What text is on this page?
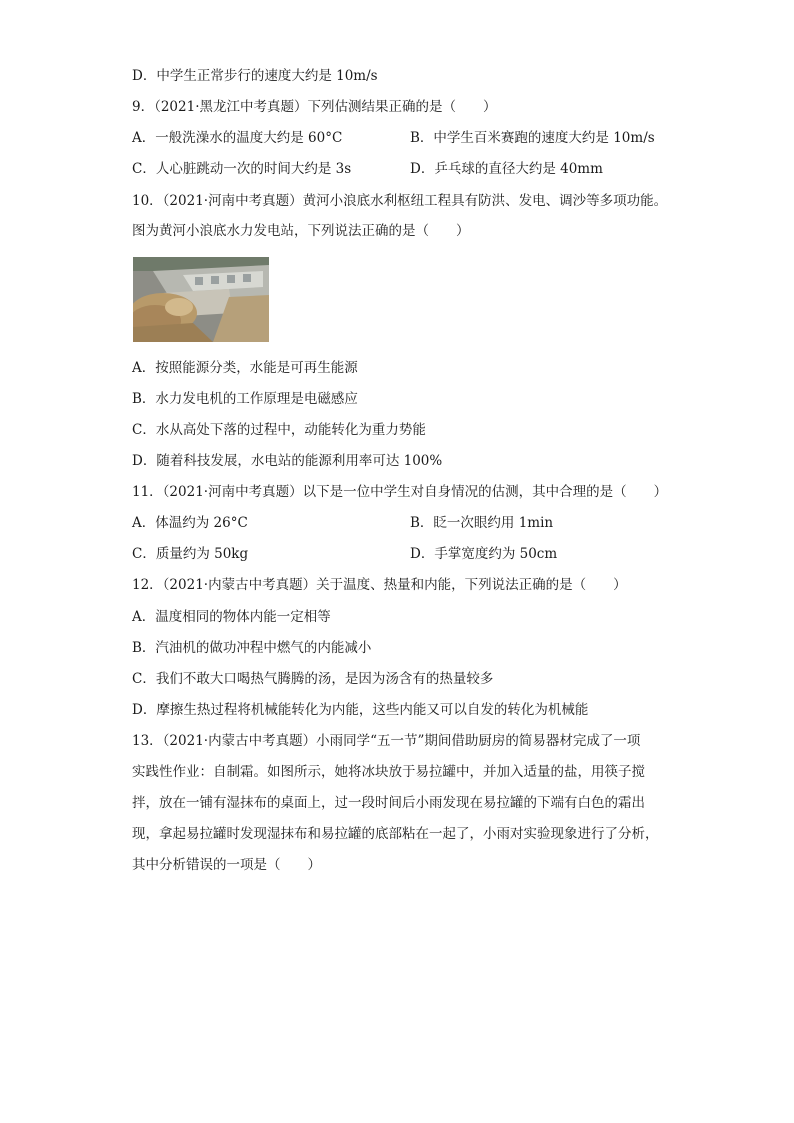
D．中学生正常步行的速度大约是 10m/s
9．（2021·黑龙江中考真题）下列估测结果正确的是（　　）
A．一般洗澡水的温度大约是 60°C	B．中学生百米赛跑的速度大约是 10m/s
C．人心脏跳动一次的时间大约是 3s	D．乒乓球的直径大约是 40mm
10．（2021·河南中考真题）黄河小浪底水利枢纽工程具有防洪、发电、调沙等多项功能。
图为黄河小浪底水力发电站，下列说法正确的是（　　）
A．按照能源分类，水能是可再生能源
B．水力发电机的工作原理是电磁感应
C．水从高处下落的过程中，动能转化为重力势能
D．随着科技发展，水电站的能源利用率可达 100%
11．（2021·河南中考真题）以下是一位中学生对自身情况的估测，其中合理的是（　　）
A．体温约为 26°C	B．眨一次眼约用 1min
C．质量约为 50kg	D．手掌宽度约为 50cm
12．（2021·内蒙古中考真题）关于温度、热量和内能，下列说法正确的是（　　）
A．温度相同的物体内能一定相等
B．汽油机的做功冲程中燃气的内能减小
C．我们不敢大口喝热气腾腾的汤，是因为汤含有的热量较多
D．摩擦生热过程将机械能转化为内能，这些内能又可以自发的转化为机械能
13．（2021·内蒙古中考真题）小雨同学“五一节”期间借助厨房的简易器材完成了一项
实践性作业：自制霜。如图所示，她将冰块放于易拉罐中，并加入适量的盐，用筷子搅
拌，放在一铺有湿抹布的桌面上，过一段时间后小雨发现在易拉罐的下端有白色的霜出
现，拿起易拉罐时发现湿抹布和易拉罐的底部粘在一起了，小雨对实验现象进行了分析，
其中分析错误的一项是（　　）
